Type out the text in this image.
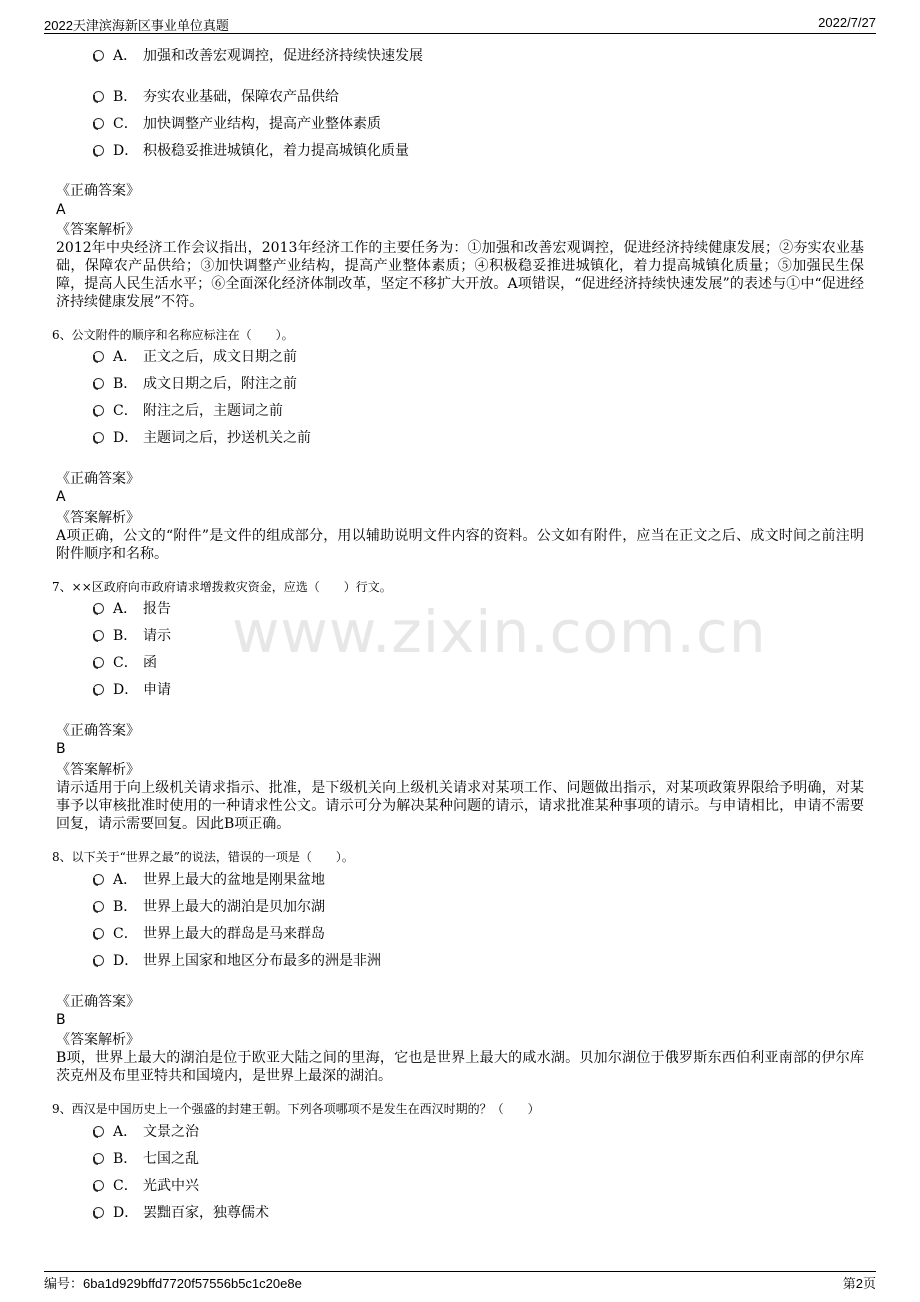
2022天津滨海新区事业单位真题	2022/7/27
www.zixin.com.cn
A． 加强和改善宏观调控，促进经济持续快速发展
B． 夯实农业基础，保障农产品供给
C． 加快调整产业结构，提高产业整体素质
D． 积极稳妥推进城镇化，着力提高城镇化质量
《正确答案》
A
《答案解析》
2012年中央经济工作会议指出，2013年经济工作的主要任务为：①加强和改善宏观调控，促进经济持续健康发展；②夯实农业基础，保障农产品供给；③加快调整产业结构，提高产业整体素质；④积极稳妥推进城镇化，着力提高城镇化质量；⑤加强民生保障，提高人民生活水平；⑥全面深化经济体制改革，坚定不移扩大开放。A项错误，“促进经济持续快速发展”的表述与①中“促进经济持续健康发展”不符。
6、公文附件的顺序和名称应标注在（　　）。
A． 正文之后，成文日期之前
B． 成文日期之后，附注之前
C． 附注之后，主题词之前
D． 主题词之后，抄送机关之前
《正确答案》
A
《答案解析》
A项正确，公文的“附件”是文件的组成部分，用以辅助说明文件内容的资料。公文如有附件，应当在正文之后、成文时间之前注明附件顺序和名称。
7、××区政府向市政府请求增拨救灾资金，应选（　　）行文。
A． 报告
B． 请示
C． 函
D． 申请
《正确答案》
B
《答案解析》
请示适用于向上级机关请求指示、批准，是下级机关向上级机关请求对某项工作、问题做出指示，对某项政策界限给予明确，对某事予以审核批准时使用的一种请求性公文。请示可分为解决某种问题的请示，请求批准某种事项的请示。与申请相比，申请不需要回复，请示需要回复。因此B项正确。
8、以下关于“世界之最”的说法，错误的一项是（　　）。
A． 世界上最大的盆地是刚果盆地
B． 世界上最大的湖泊是贝加尔湖
C． 世界上最大的群岛是马来群岛
D． 世界上国家和地区分布最多的洲是非洲
《正确答案》
B
《答案解析》
B项，世界上最大的湖泊是位于欧亚大陆之间的里海，它也是世界上最大的咸水湖。贝加尔湖位于俄罗斯东西伯利亚南部的伊尔库茨克州及布里亚特共和国境内，是世界上最深的湖泊。
9、西汉是中国历史上一个强盛的封建王朝。下列各项哪项不是发生在西汉时期的？（　　）
A． 文景之治
B． 七国之乱
C． 光武中兴
D． 罢黜百家，独尊儒术
编号：6ba1d929bffd7720f57556b5c1c20e8e	第2页
